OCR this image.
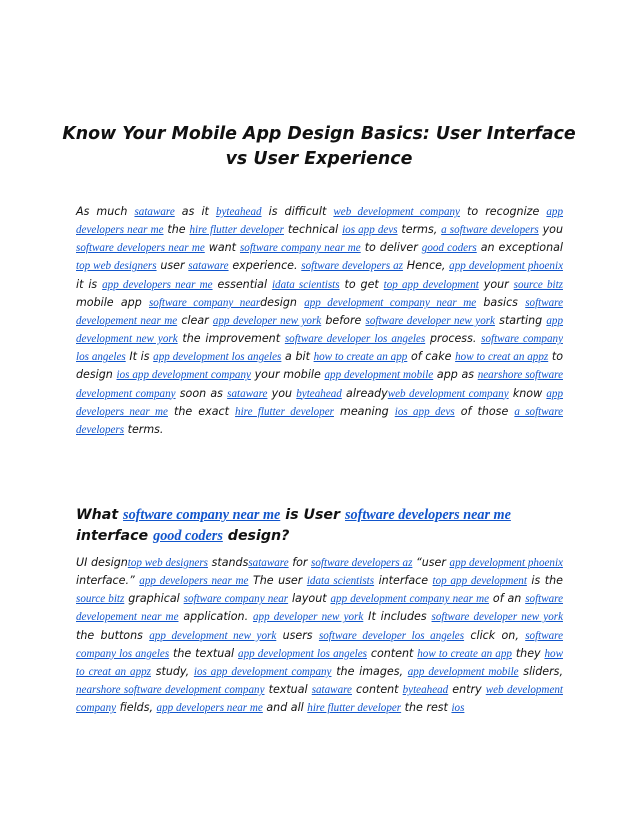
Know Your Mobile App Design Basics: User Interface
vs User Experience
As much sataware as it byteahead is difficult web development company to recognize app developers near me the hire flutter developer technical ios app devs terms, a software developers you software developers near me want software company near me to deliver good coders an exceptional top web designers user sataware experience. software developers az Hence, app development phoenix it is app developers near me essential idata scientists to get top app development your source bitz mobile app software company neardesign app development company near me basics software developement near me clear app developer new york before software developer new york starting app development new york the improvement software developer los angeles process. software company los angeles It is app development los angeles a bit how to create an app of cake how to creat an appz to design ios app development company your mobile app development mobile app as nearshore software development company soon as sataware you byteahead alreadyweb development company know app developers near me the exact hire flutter developer meaning ios app devs of those a software developers terms.
What software company near me is User software developers near me interface good coders design?
UI designtop web designers standssataware for software developers az “user app development phoenix interface.” app developers near me The user idata scientists interface top app development is the source bitz graphical software company near layout app development company near me of an software developement near me application. app developer new york It includes software developer new york the buttons app development new york users software developer los angeles click on, software company los angeles the textual app development los angeles content how to create an app they how to creat an appz study, ios app development company the images, app development mobile sliders, nearshore software development company textual sataware content byteahead entry web development company fields, app developers near me and all hire flutter developer the rest ios
